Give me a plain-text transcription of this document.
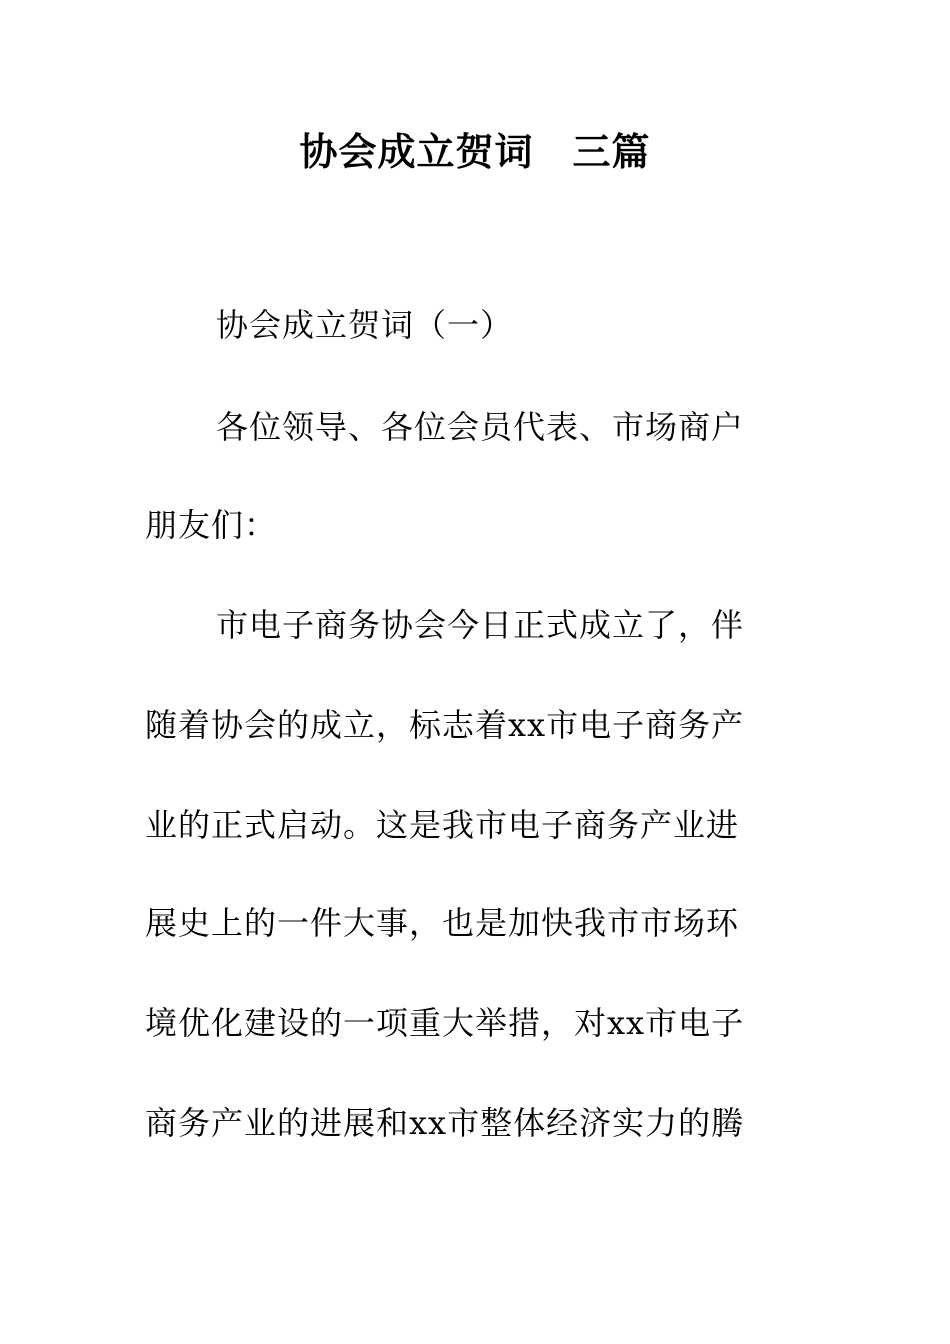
协会成立贺词　三篇
协会成立贺词（一）
各位领导、各位会员代表、市场商户
朋友们：
市电子商务协会今日正式成立了，伴
随着协会的成立，标志着xx市电子商务产
业的正式启动。这是我市电子商务产业进
展史上的一件大事，也是加快我市市场环
境优化建设的一项重大举措，对xx市电子
商务产业的进展和xx市整体经济实力的腾
